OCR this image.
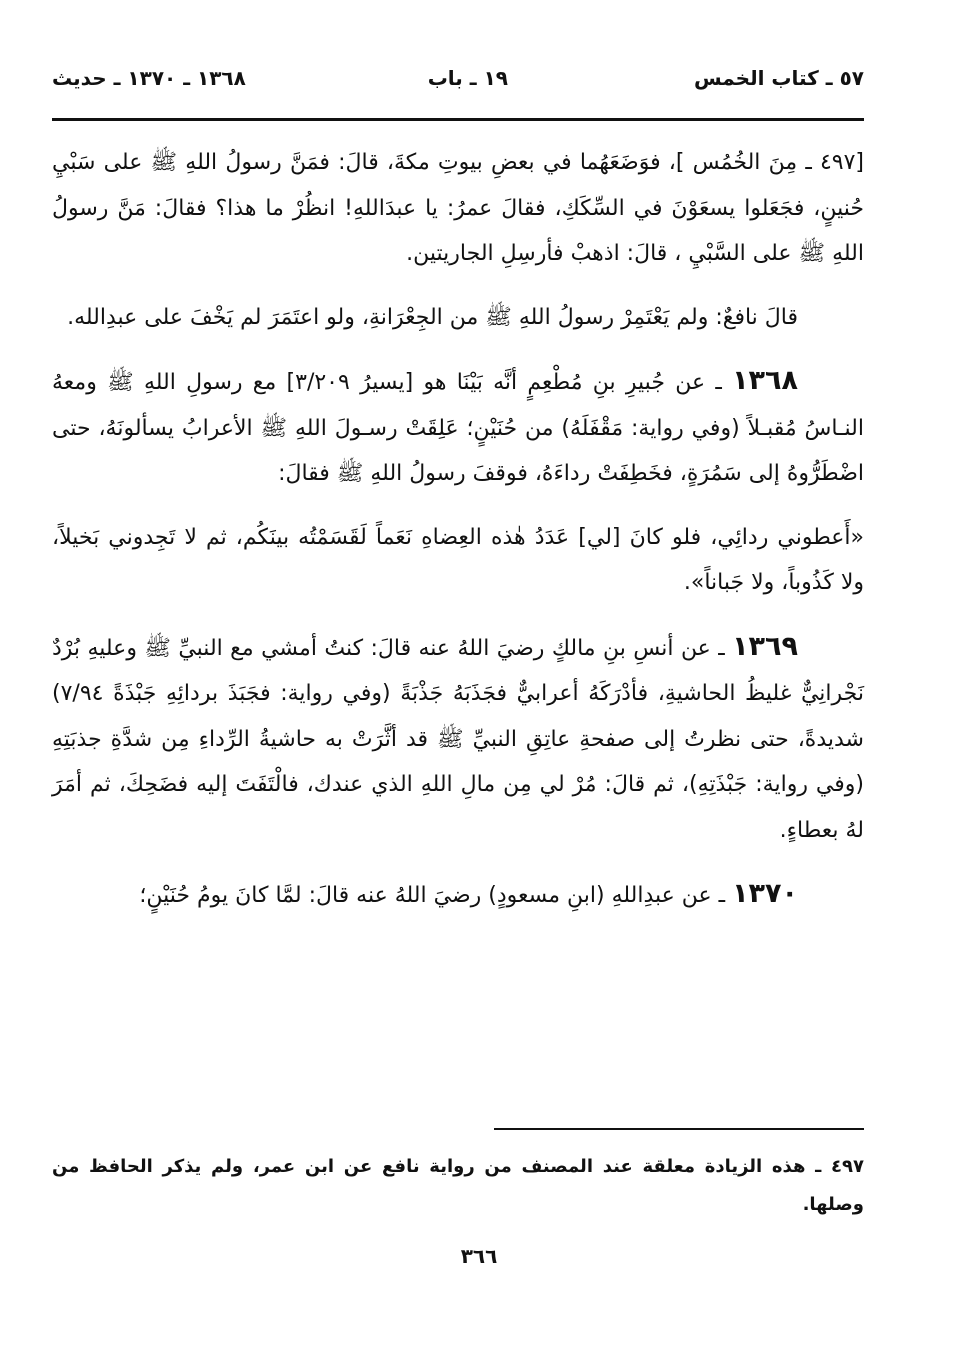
٥٧ ـ كتاب الخمس
١٩ ـ باب
١٣٦٨ ـ ١٣٧٠ ـ حديث

[٤٩٧ ـ مِنَ الخُمُس ]، فوَضَعَهُما في بعضِ بيوتِ مكةَ، قالَ: فمَنَّ رسولُ اللهِ ﷺ على سَبْيِ حُنينٍ، فجَعَلوا يسعَوْنَ في السِّكَكِ، فقالَ عمرُ: يا عبدَاللهِ! انظُرْ ما هذا؟ فقالَ: مَنَّ رسولُ اللهِ ﷺ على السَّبْيِ ، قالَ: اذهبْ فأرسِلِ الجاريتين.

قالَ نافعٌ: ولم يَعْتَمِرْ رسولُ اللهِ ﷺ من الجِعْرَانةِ، ولو اعتَمَرَ لم يَخْفَ على عبدِالله.

١٣٦٨ ـ عن جُبيرِ بنِ مُطْعِمٍ أنَّه بَيْنَا هو [يسيرُ ٣/٢٠٩] مع رسولِ اللهِ ﷺ ومعهُ النـاسُ مُقبـلاً (وفي رواية: مَقْفَلَهُ) من حُنَيْنٍ؛ عَلِقَتْ رسـولَ اللهِ ﷺ الأعرابُ يسألونَهُ، حتى اضْطَرُّوهُ إلى سَمُرَةٍ، فخَطِفَتْ رداءَهُ، فوقفَ رسولُ اللهِ ﷺ فقالَ:

«أَعطوني ردائِي، فلو كانَ [لي] عَدَدُ هٰذه العِضاهِ نَعَماً لَقَسَمْتُه بينَكُم، ثم لا تَجِدوني بَخيلاً، ولا كَذُوباً، ولا جَباناً».

١٣٦٩ ـ عن أنسِ بنِ مالكٍ رضيَ اللهُ عنه قالَ: كنتُ أمشي مع النبيِّ ﷺ وعليهِ بُرْدٌ نَجْرانِيٌّ غليظُ الحاشيةِ، فأدْرَكَهُ أعرابيٌّ فجَذَبَهُ جَذْبَةً (وفي رواية: فجَبَذَ بردائِهِ جَبْذَةً ٧/٩٤) شديدةً، حتى نظرتُ إلى صفحةِ عاتِقِ النبيِّ ﷺ قد أثَّرَتْ به حاشيةُ الرِّداءِ مِن شدَّةِ جذبَتِهِ (وفي رواية: جَبْذَتِهِ)، ثم قالَ: مُرْ لي مِن مالِ اللهِ الذي عندك، فالْتَفَتَ إليه فضَحِكَ، ثم أمَرَ لهُ بعطاءٍ.

١٣٧٠ ـ عن عبدِاللهِ (ابنِ مسعودٍ) رضيَ اللهُ عنه قالَ: لمَّا كانَ يومُ حُنَيْنٍ؛

٤٩٧ ـ هذه الزيادة معلقة عند المصنف من رواية نافع عن ابن عمر، ولم يذكر الحافظ من وصلها.
٣٦٦
